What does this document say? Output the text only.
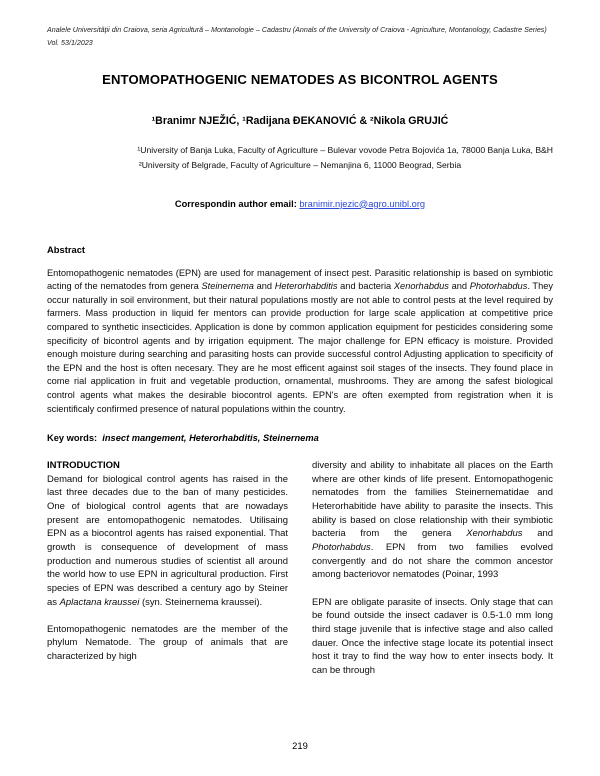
Analele Universităţii din Craiova, seria Agricultură – Montanologie – Cadastru (Annals of the University of Craiova - Agriculture, Montanology, Cadastre Series) Vol. 53/1/2023
ENTOMOPATHOGENIC NEMATODES AS BICONTROL AGENTS
¹Branimr NJEŽIĆ, ¹Radijana ĐEKANOVIĆ & ²Nikola GRUJIĆ
¹University of Banja Luka, Faculty of Agriculture – Bulevar vovode Petra Bojovića 1a, 78000 Banja Luka, B&H
²University of Belgrade, Faculty of Agriculture – Nemanjina 6, 11000 Beograd, Serbia
Correspondin author email: branimir.njezic@agro.unibl.org
Abstract

Entomopathogenic nematodes (EPN) are used for management of insect pest. Parasitic relationship is based on symbiotic acting of the nematodes from genera Steinernema and Heterorhabditis and bacteria Xenorhabdus and Photorhabdus. They occur naturally in soil environment, but their natural populations mostly are not able to control pests at the level required by farmers. Mass production in liquid fer mentors can provide production for large scale application at competitive price compared to synthetic insecticides. Application is done by common application equipment for pesticides considering some specificity of bicontrol agents and by irrigation equipment. The major challenge for EPN efficacy is moisture. Provided enough moisture during searching and parasiting hosts can provide successful control Adjusting application to specificity of the EPN and the host is often necesary. They are he most efficent against soil stages of the insects. They found place in come rial application in fruit and vegetable production, ornamental, mushrooms. They are among the safest biological control agents what makes the desirable biocontrol agents. EPN's are often exempted from registration when it is scientificaly confirmed presence of natural populations within the country.

Key words: insect mangement, Heterorhabditis, Steinernema

INTRODUCTION

Demand for biological control agents has raised in the last three decades due to the ban of many pesticides. One of biological control agents that are nowadays present are entomopathogenic nematodes. Utilisaing EPN as a biocontrol agents has raised exponential. That growth is consequence of development of mass production and numerous studies of scientist all around the world how to use EPN in agricultural production. First species of EPN was described a century ago by Steiner as Aplactana kraussei (syn. Steinernema kraussei).

Entomopathogenic nematodes are the member of the phylum Nematode. The group of animals that are characterized by high

diversity and ability to inhabitate all places on the Earth where are other kinds of life present. Entomopathogenic nematodes from the families Steinernematidae and Heterorhabitide have ability to parasite the insects. This ability is based on close relationship with their symbiotic bacteria from the genera Xenorhabdus and Photorhabdus. EPN from two families evolved convergently and do not share the common ancestor among bacteriovor nematodes (Poinar, 1993

EPN are obligate parasite of insects. Only stage that can be found outside the insect cadaver is 0.5-1.0 mm long third stage juvenile that is infective stage and also called dauer. Once the infective stage locate its potential insect host it tray to find the way how to enter insects body. It can be through

219
